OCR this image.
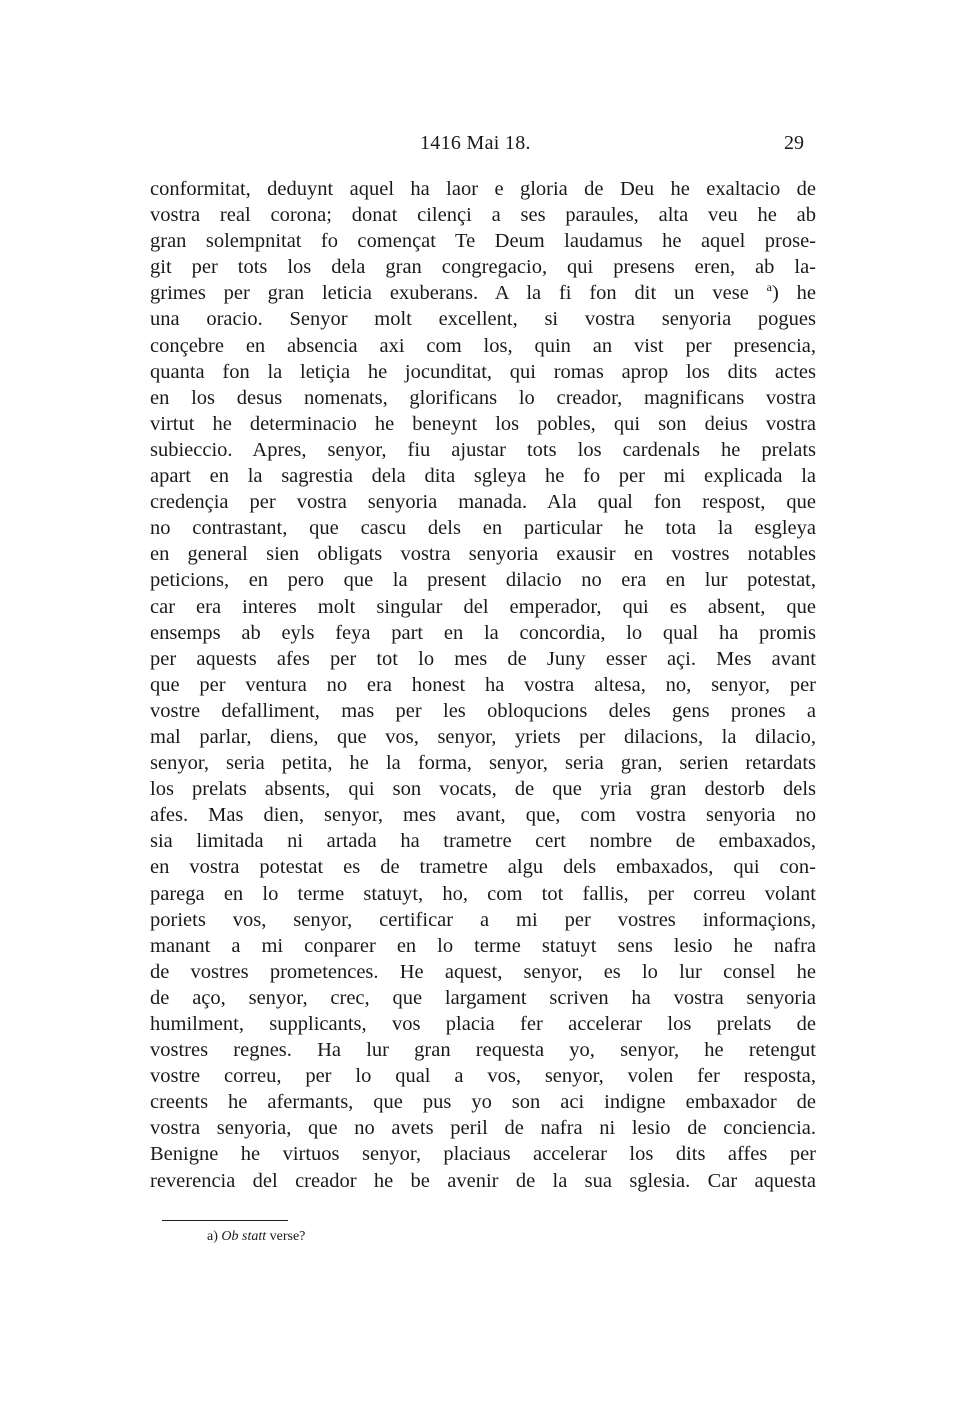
1416 Mai 18.	29
conformitat, deduynt aquel ha laor e gloria de Deu he exaltacio de
vostra real corona; donat cilençi a ses paraules, alta veu he ab
gran solempnitat fo començat Te Deum laudamus he aquel prose-
git per tots los dela gran congregacio, qui presens eren, ab la-
grimes per gran leticia exuberans. A la fi fon dit un vese $^a$) he
una oracio. Senyor molt excellent, si vostra senyoria pogues
conçebre en absencia axi com los, quin an vist per presencia,
quanta fon la letiçia he jocunditat, qui romas aprop los dits actes
en los desus nomenats, glorificans lo creador, magnificans vostra
virtut he determinacio he beneynt los pobles, qui son deius vostra
subieccio. Apres, senyor, fiu ajustar tots los cardenals he prelats
apart en la sagrestia dela dita sgleya he fo per mi explicada la
credençia per vostra senyoria manada. Ala qual fon respost, que
no contrastant, que cascu dels en particular he tota la esgleya
en general sien obligats vostra senyoria exausir en vostres notables
peticions, en pero que la present dilacio no era en lur potestat,
car era interes molt singular del emperador, qui es absent, que
ensemps ab eyls feya part en la concordia, lo qual ha promis
per aquests afes per tot lo mes de Juny esser açi. Mes avant
que per ventura no era honest ha vostra altesa, no, senyor, per
vostre defalliment, mas per les obloqucions deles gens prones a
mal parlar, diens, que vos, senyor, yriets per dilacions, la dilacio,
senyor, seria petita, he la forma, senyor, seria gran, serien retardats
los prelats absents, qui son vocats, de que yria gran destorb dels
afes. Mas dien, senyor, mes avant, que, com vostra senyoria no
sia limitada ni artada ha trametre cert nombre de embaxados,
en vostra potestat es de trametre algu dels embaxados, qui con-
parega en lo terme statuyt, ho, com tot fallis, per correu volant
poriets vos, senyor, certificar a mi per vostres informaçions,
manant a mi conparer en lo terme statuyt sens lesio he nafra
de vostres prometences. He aquest, senyor, es lo lur consel he
de aço, senyor, crec, que largament scriven ha vostra senyoria
humilment, supplicants, vos placia fer accelerar los prelats de
vostres regnes. Ha lur gran requesta yo, senyor, he retengut
vostre correu, per lo qual a vos, senyor, volen fer resposta,
creents he afermants, que pus yo son aci indigne embaxador de
vostra senyoria, que no avets peril de nafra ni lesio de conciencia.
Benigne he virtuos senyor, placiaus accelerar los dits affes per
reverencia del creador he be avenir de la sua sglesia. Car aquesta
a) Ob statt verse?
